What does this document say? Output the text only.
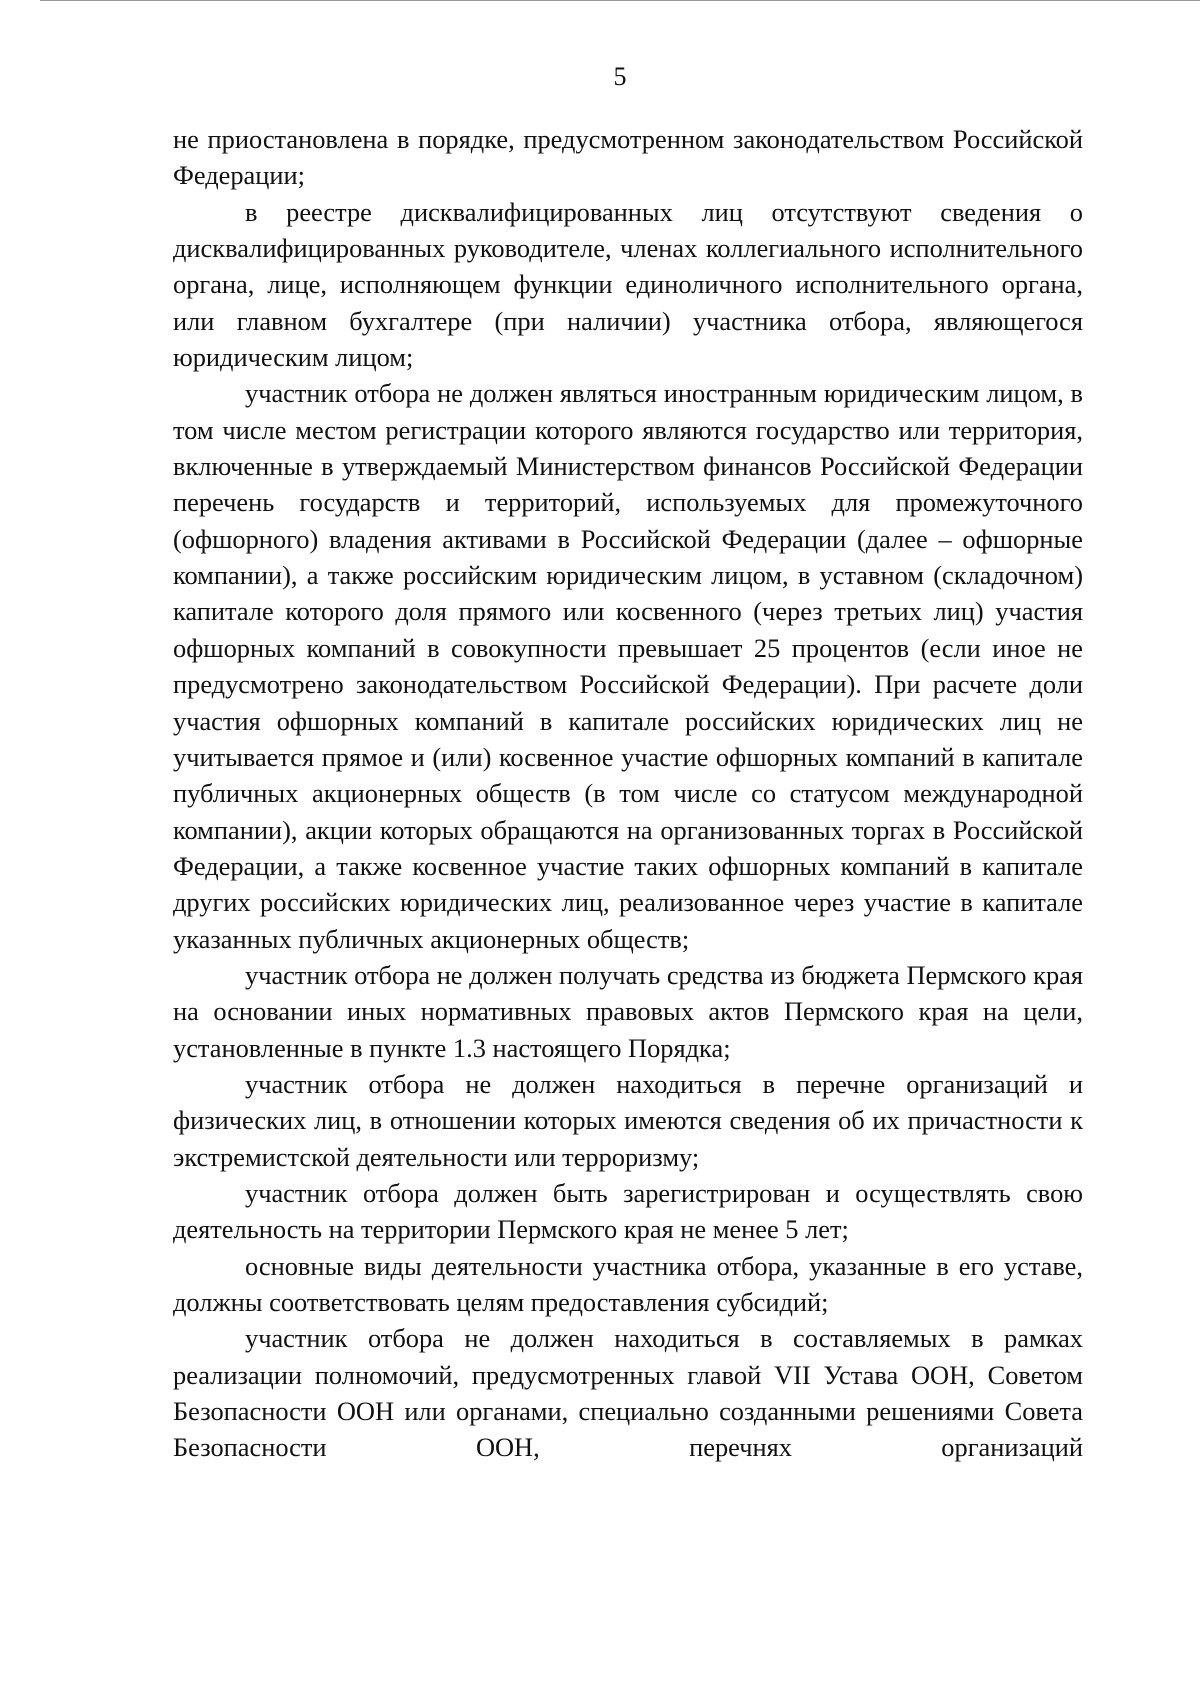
5

не приостановлена в порядке, предусмотренном законодательством Российской Федерации;

в реестре дисквалифицированных лиц отсутствуют сведения о дисквалифицированных руководителе, членах коллегиального исполнительного органа, лице, исполняющем функции единоличного исполнительного органа, или главном бухгалтере (при наличии) участника отбора, являющегося юридическим лицом;

участник отбора не должен являться иностранным юридическим лицом, в том числе местом регистрации которого являются государство или территория, включенные в утверждаемый Министерством финансов Российской Федерации перечень государств и территорий, используемых для промежуточного (офшорного) владения активами в Российской Федерации (далее – офшорные компании), а также российским юридическим лицом, в уставном (складочном) капитале которого доля прямого или косвенного (через третьих лиц) участия офшорных компаний в совокупности превышает 25 процентов (если иное не предусмотрено законодательством Российской Федерации). При расчете доли участия офшорных компаний в капитале российских юридических лиц не учитывается прямое и (или) косвенное участие офшорных компаний в капитале публичных акционерных обществ (в том числе со статусом международной компании), акции которых обращаются на организованных торгах в Российской Федерации, а также косвенное участие таких офшорных компаний в капитале других российских юридических лиц, реализованное через участие в капитале указанных публичных акционерных обществ;

участник отбора не должен получать средства из бюджета Пермского края на основании иных нормативных правовых актов Пермского края на цели, установленные в пункте 1.3 настоящего Порядка;

участник отбора не должен находиться в перечне организаций и физических лиц, в отношении которых имеются сведения об их причастности к экстремистской деятельности или терроризму;

участник отбора должен быть зарегистрирован и осуществлять свою деятельность на территории Пермского края не менее 5 лет;

основные виды деятельности участника отбора, указанные в его уставе, должны соответствовать целям предоставления субсидий;

участник отбора не должен находиться в составляемых в рамках реализации полномочий, предусмотренных главой VII Устава ООН, Советом Безопасности ООН или органами, специально созданными решениями Совета Безопасности ООН, перечнях организаций
